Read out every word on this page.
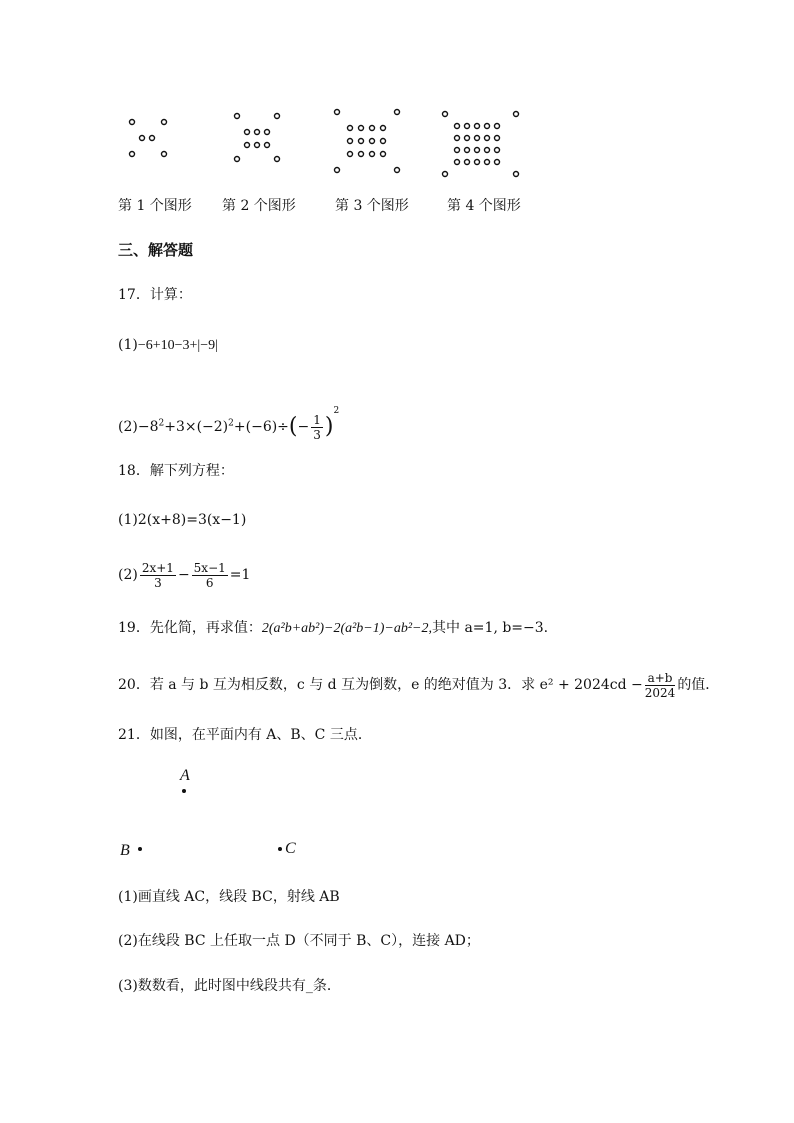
第 1 个图形 第 2 个图形	第 3 个图形	第 4 个图形
三、解答题
17．计算：
(1)−6+10−3+|−9|
$(2)-8^2+3\times(-2)^2+(-6)\div(- \frac{1}{3} )^2$
18．解下列方程：
(1)2(x+8)=3(x−1)
$(2) \frac{2x+1}{3} - \frac{5x-1}{6} =1$
19．先化简，再求值：2(a²b+ab²)−2(a²b−1)−ab²−2,其中 a=1, b=−3.
20．若 a 与 b 互为相反数，c 与 d 互为倒数，e 的绝对值为 3．求 $e^2 + 2024cd - \frac{a+b}{2024}$ 的值．
21．如图，在平面内有 A、B、C 三点．
A
B	C
(1)画直线 AC，线段 BC，射线 AB
(2)在线段 BC 上任取一点 D（不同于 B、C），连接 AD；
(3)数数看，此时图中线段共有_条．
